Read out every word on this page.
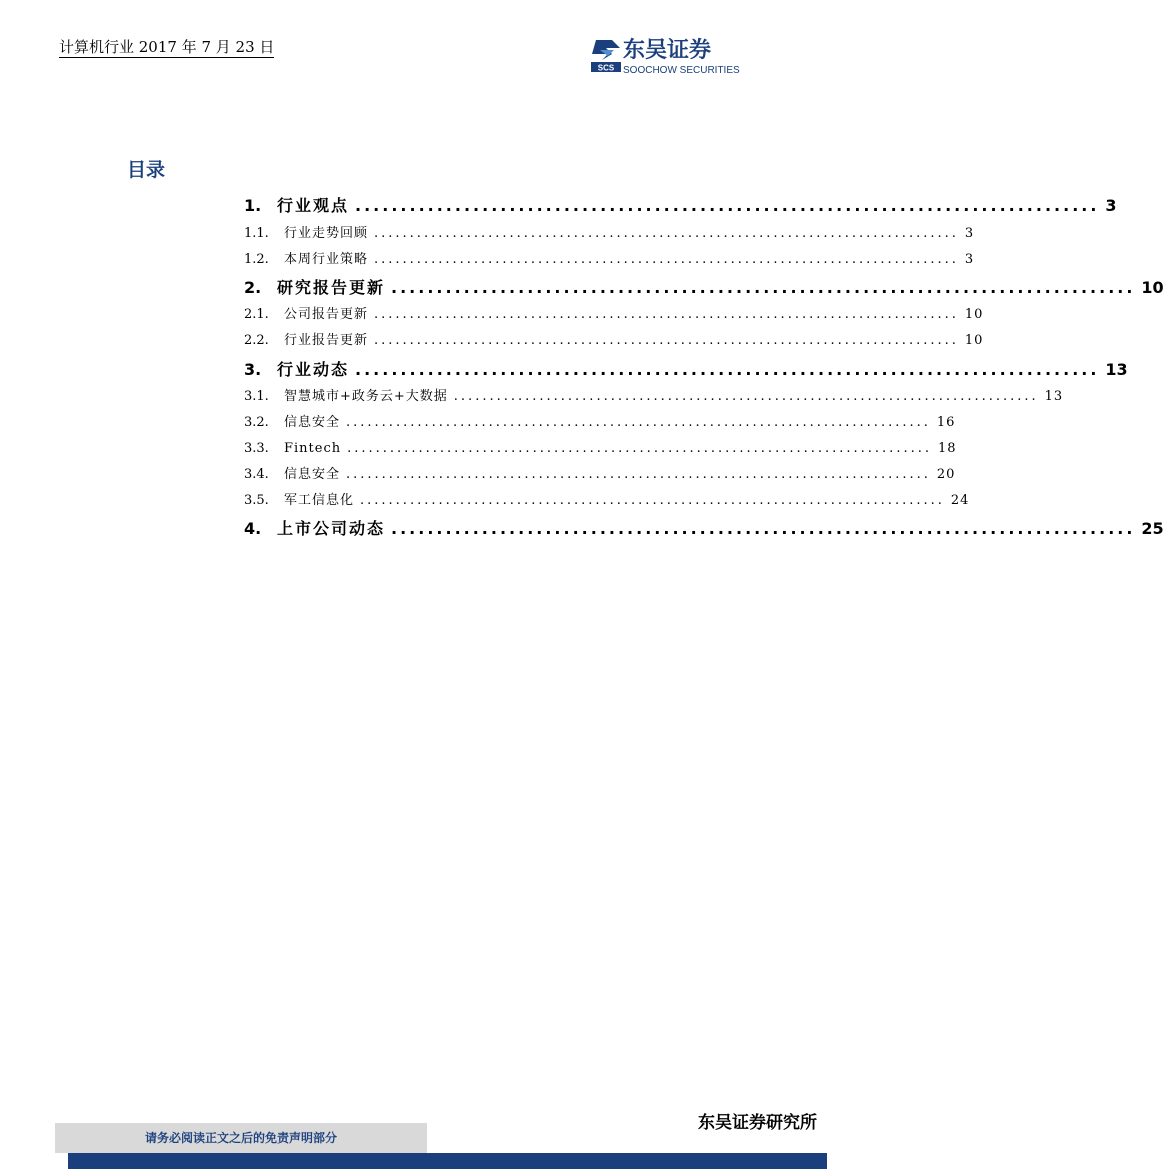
计算机行业 2017 年 7 月 23 日
SCS
东吴证券
SOOCHOW SECURITIES
目录
1. 行业观点 .................................................................................. 3
1.1.	行业走势回顾 .................................................................................. 3
1.2.	本周行业策略 .................................................................................. 3
2. 研究报告更新 .................................................................................. 10
2.1.	公司报告更新 .................................................................................. 10
2.2.	行业报告更新 .................................................................................. 10
3. 行业动态 .................................................................................. 13
3.1.	智慧城市+政务云+大数据 .................................................................................. 13
3.2.	信息安全 .................................................................................. 16
3.3.	Fintech .................................................................................. 18
3.4.	信息安全 .................................................................................. 20
3.5.	军工信息化 .................................................................................. 24
4. 上市公司动态 .................................................................................. 25
请务必阅读正文之后的免责声明部分
东吴证券研究所
